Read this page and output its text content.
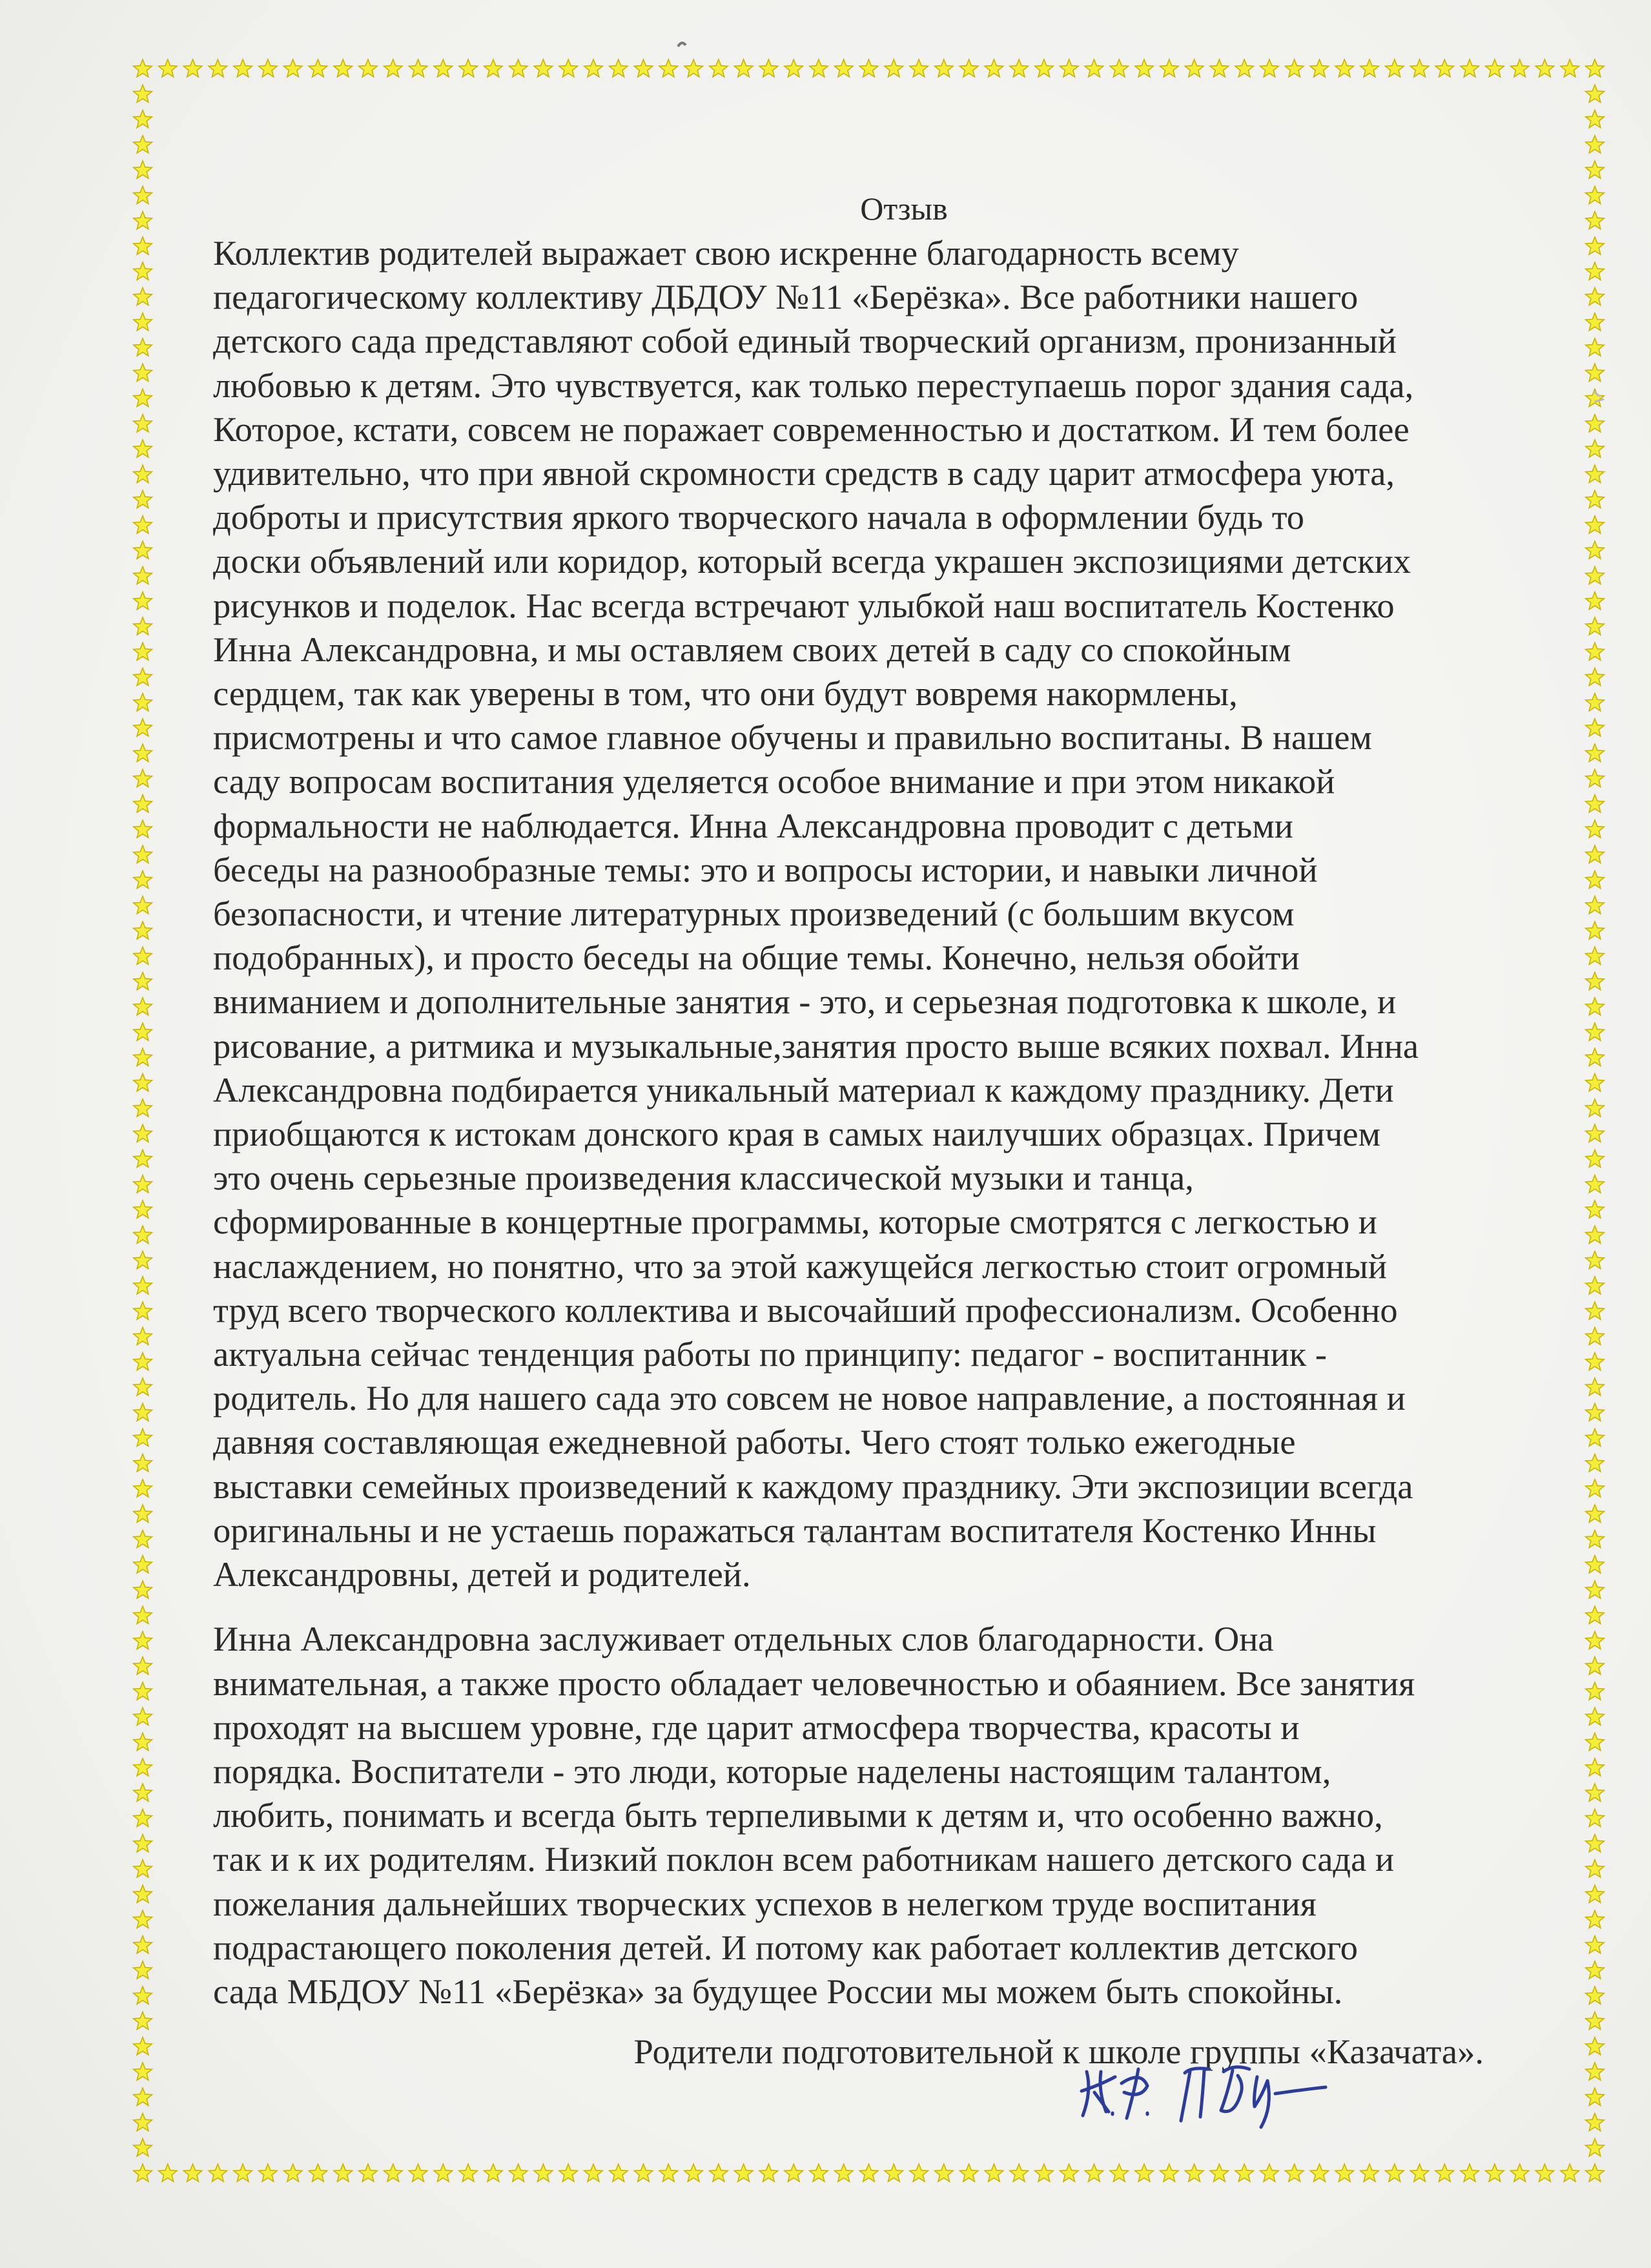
Отзыв

Коллектив родителей выражает свою искренне благодарность всему
педагогическому коллективу ДБДОУ №11 «Берёзка». Все работники нашего
детского сада представляют собой единый творческий организм, пронизанный
любовью к детям. Это чувствуется, как только переступаешь порог здания сада,
Которое, кстати, совсем не поражает современностью и достатком. И тем более
удивительно, что при явной скромности средств в саду царит атмосфера уюта,
доброты и присутствия яркого творческого начала в оформлении будь то
доски объявлений или коридор, который всегда украшен экспозициями детских
рисунков и поделок. Нас всегда встречают улыбкой наш воспитатель Костенко
Инна Александровна, и мы оставляем своих детей в саду со спокойным
сердцем, так как уверены в том, что они будут вовремя накормлены,
присмотрены и что самое главное обучены и правильно воспитаны. В нашем
саду вопросам воспитания уделяется особое внимание и при этом никакой
формальности не наблюдается. Инна Александровна проводит с детьми
беседы на разнообразные темы: это и вопросы истории, и навыки личной
безопасности, и чтение литературных произведений (с большим вкусом
подобранных), и просто беседы на общие темы. Конечно, нельзя обойти
вниманием и дополнительные занятия - это, и серьезная подготовка к школе, и
рисование, а ритмика и музыкальные,занятия просто выше всяких похвал. Инна
Александровна подбирается уникальный материал к каждому празднику. Дети
приобщаются к истокам донского края в самых наилучших образцах. Причем
это очень серьезные произведения классической музыки и танца,
сформированные в концертные программы, которые смотрятся с легкостью и
наслаждением, но понятно, что за этой кажущейся легкостью стоит огромный
труд всего творческого коллектива и высочайший профессионализм. Особенно
актуальна сейчас тенденция работы по принципу: педагог - воспитанник -
родитель. Но для нашего сада это совсем не новое направление, а постоянная и
давняя составляющая ежедневной работы. Чего стоят только ежегодные
выставки семейных произведений к каждому празднику. Эти экспозиции всегда
оригинальны и не устаешь поражаться талантам воспитателя Костенко Инны
Александровны, детей и родителей.

Инна Александровна заслуживает отдельных слов благодарности. Она
внимательная, а также просто обладает человечностью и обаянием. Все занятия
проходят на высшем уровне, где царит атмосфера творчества, красоты и
порядка. Воспитатели - это люди, которые наделены настоящим талантом,
любить, понимать и всегда быть терпеливыми к детям и, что особенно важно,
так и к их родителям. Низкий поклон всем работникам нашего детского сада и
пожелания дальнейших творческих успехов в нелегком труде воспитания
подрастающего поколения детей. И потому как работает коллектив детского
сада МБДОУ №11 «Берёзка» за будущее России мы можем быть спокойны.

Родители подготовительной к школе группы «Казачата».
